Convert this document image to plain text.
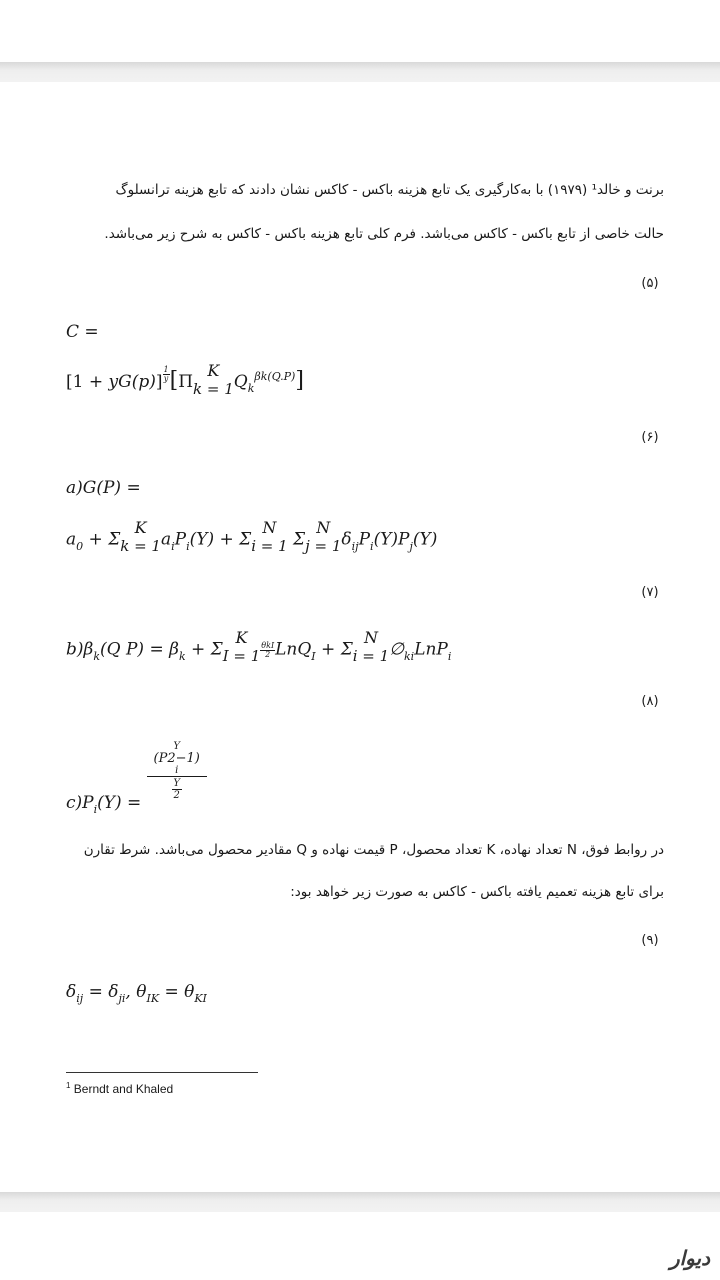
برنت و خالد¹ (۱۹۷۹) با به‌کارگیری یک تابع هزینه باکس - کاکس نشان دادند که تابع هزینه ترانسلوگ
حالت خاصی از تابع باکس - کاکس می‌باشد. فرم کلی تابع هزینه باکس - کاکس به شرح زیر می‌باشد.
(۵)
C =
$[1 + yG(p)] \frac{1}{y} [\Pi$
K
k = 1 $Q_k^{\beta k(Q.P)}$]
(۶)
a)G(P) =
$a_0 + \Sigma$
K
k = 1 $a_iP_i(Y) + \Sigma$
N
i = 1 Σ
N
j = 1 $\delta_{ij}P_i(Y)P_j(Y)$
(۷)
$b)\beta_k(Q$ $P) = \beta_k + \Sigma$
K
I = 1
θkI
2 LnQ$_I$ + Σ
N
i = 1 $\emptyset_{ki}LnP_i$
(۸)
$c)P_i(Y)$ =
Y
(P2−1)
i
Y
2
در روابط فوق، N تعداد نهاده، K تعداد محصول، P قیمت نهاده و Q مقادیر محصول می‌باشد. شرط تقارن
برای تابع هزینه تعمیم یافته باکس - کاکس به صورت زیر خواهد بود:
(۹)
$\delta_{ij} = \delta_{ji}$, $\theta_{IK} = \theta_{KI}$
$^1$ Berndt and Khaled
دیوار
